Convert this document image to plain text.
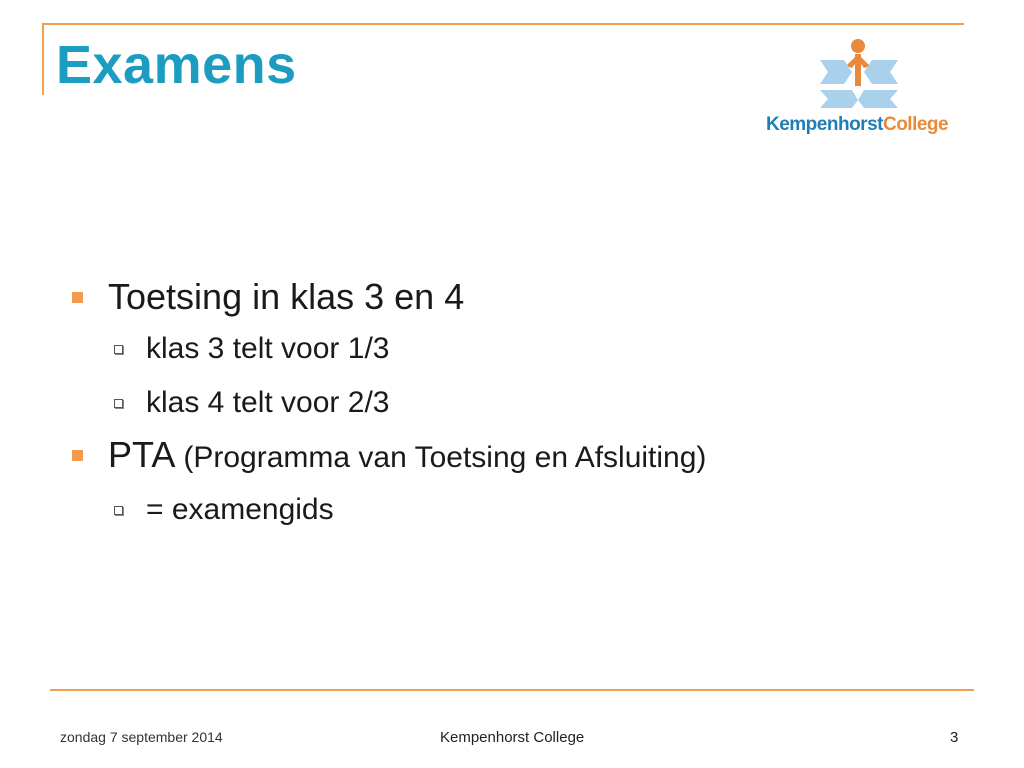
Examens
KempenhorstCollege
Toetsing in klas 3 en 4
klas 3 telt voor 1/3
klas 4 telt voor 2/3
PTA (Programma van Toetsing en Afsluiting)
= examengids
zondag 7 september 2014	Kempenhorst College	3
